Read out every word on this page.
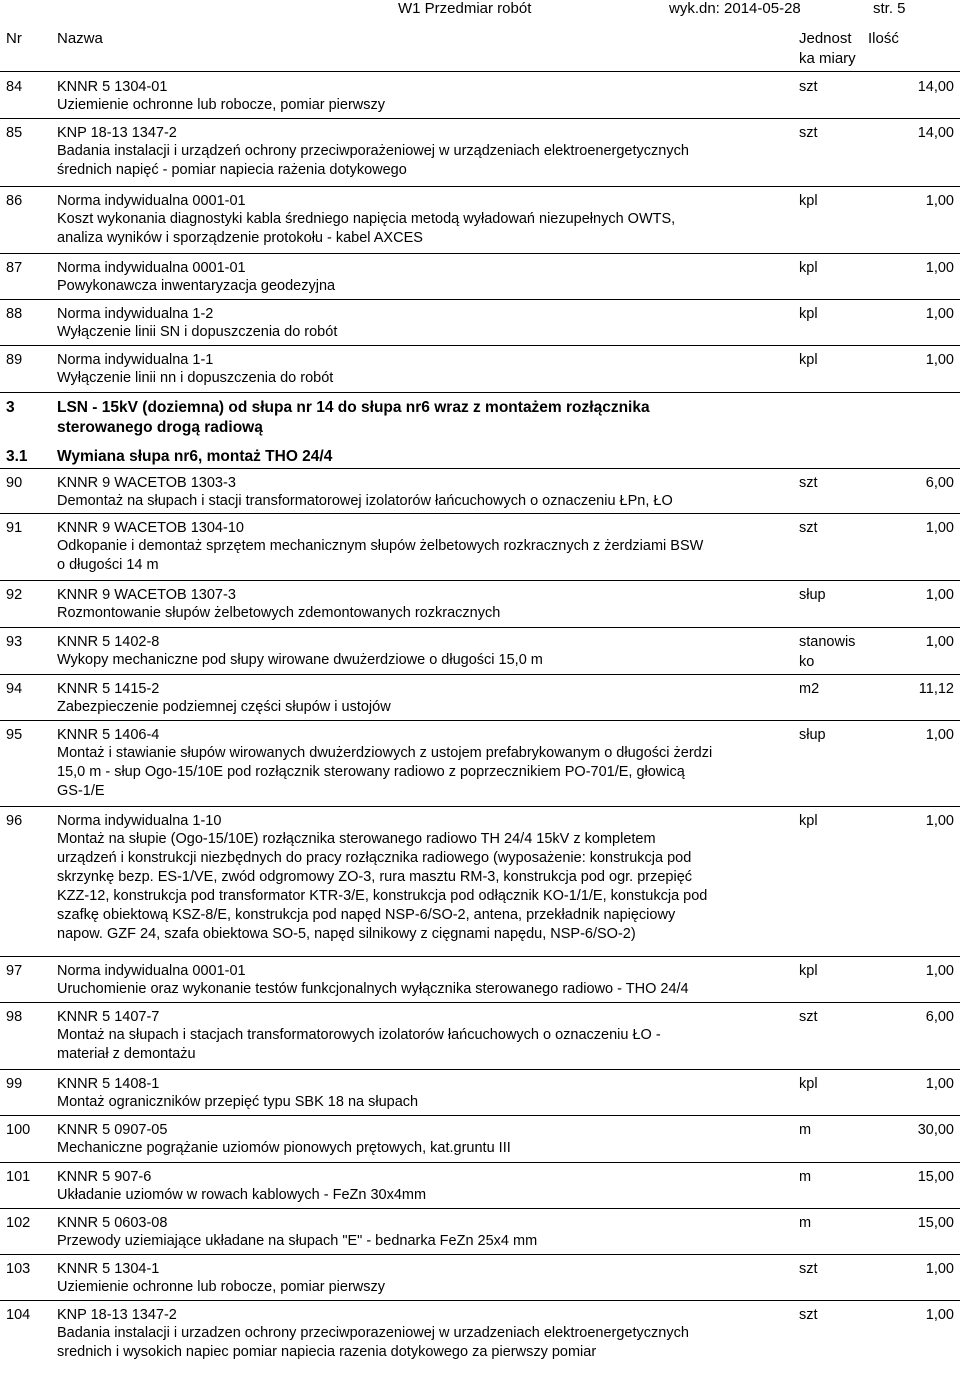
W1 Przedmiar robót	wyk.dn: 2014-05-28	str. 5
Nr Nazwa	Jednost
ka miary
Ilość
84 KNNR 5 1304-01
Uziemienie ochronne lub robocze, pomiar pierwszy
szt	14,00
85 KNP 18-13 1347-2
Badania instalacji i urządzeń ochrony przeciwporażeniowej w urządzeniach elektroenergetycznych
średnich napięć - pomiar napiecia rażenia dotykowego
szt	14,00
86 Norma indywidualna 0001-01
Koszt wykonania diagnostyki kabla średniego napięcia metodą wyładowań niezupełnych OWTS,
analiza wyników i sporządzenie protokołu - kabel AXCES
kpl	1,00
87 Norma indywidualna 0001-01
Powykonawcza inwentaryzacja geodezyjna
kpl	1,00
88 Norma indywidualna 1-2
Wyłączenie linii SN i dopuszczenia do robót
kpl	1,00
89 Norma indywidualna 1-1
Wyłączenie linii nn i dopuszczenia do robót
kpl	1,00
3	LSN - 15kV (doziemna) od słupa nr 14 do słupa nr6 wraz z montażem rozłącznika
sterowanego drogą radiową
3.1 Wymiana słupa nr6, montaż THO 24/4
90 KNNR 9 WACETOB 1303-3
Demontaż na słupach i stacji transformatorowej izolatorów łańcuchowych o oznaczeniu ŁPn, ŁO
szt	6,00
91 KNNR 9 WACETOB 1304-10
Odkopanie i demontaż sprzętem mechanicznym słupów żelbetowych rozkracznych z żerdziami BSW
o długości 14 m
szt	1,00
92 KNNR 9 WACETOB 1307-3
Rozmontowanie słupów żelbetowych zdemontowanych rozkracznych
słup	1,00
93 KNNR 5 1402-8
Wykopy mechaniczne pod słupy wirowane dwużerdziowe o długości 15,0 m
stanowis
ko
1,00
94 KNNR 5 1415-2
Zabezpieczenie podziemnej części słupów i ustojów
m2	11,12
95 KNNR 5 1406-4
Montaż i stawianie słupów wirowanych dwużerdziowych z ustojem prefabrykowanym o długości żerdzi
15,0 m - słup Ogo-15/10E pod rozłącznik sterowany radiowo z poprzecznikiem PO-701/E, głowicą
GS-1/E
słup	1,00
96 Norma indywidualna 1-10
Montaż na słupie (Ogo-15/10E) rozłącznika sterowanego radiowo TH 24/4 15kV z kompletem
urządzeń i konstrukcji niezbędnych do pracy rozłącznika radiowego (wyposażenie: konstrukcja pod
skrzynkę bezp. ES-1/VE, zwód odgromowy ZO-3, rura masztu RM-3, konstrukcja pod ogr. przepięć
KZZ-12, konstrukcja pod transformator KTR-3/E, konstrukcja pod odłącznik KO-1/1/E, konstukcja pod
szafkę obiektową KSZ-8/E, konstrukcja pod napęd NSP-6/SO-2, antena, przekładnik napięciowy
napow. GZF 24, szafa obiektowa SO-5, napęd silnikowy z cięgnami napędu, NSP-6/SO-2)
kpl	1,00
97 Norma indywidualna 0001-01
Uruchomienie oraz wykonanie testów funkcjonalnych wyłącznika sterowanego radiowo - THO 24/4
kpl	1,00
98 KNNR 5 1407-7
Montaż na słupach i stacjach transformatorowych izolatorów łańcuchowych o oznaczeniu ŁO -
materiał z demontażu
szt	6,00
99 KNNR 5 1408-1
Montaż ograniczników przepięć typu SBK 18 na słupach
kpl	1,00
100 KNNR 5 0907-05
Mechaniczne pogrążanie uziomów pionowych prętowych, kat.gruntu III
m	30,00
101 KNNR 5 907-6
Układanie uziomów w rowach kablowych - FeZn 30x4mm
m	15,00
102 KNNR 5 0603-08
Przewody uziemiające układane na słupach "E" - bednarka FeZn 25x4 mm
m	15,00
103 KNNR 5 1304-1
Uziemienie ochronne lub robocze, pomiar pierwszy
szt	1,00
104 KNP 18-13 1347-2
Badania instalacji i urzadzen ochrony przeciwporazeniowej w urzadzeniach elektroenergetycznych
srednich i wysokich napiec pomiar napiecia razenia dotykowego za pierwszy pomiar
szt	1,00
